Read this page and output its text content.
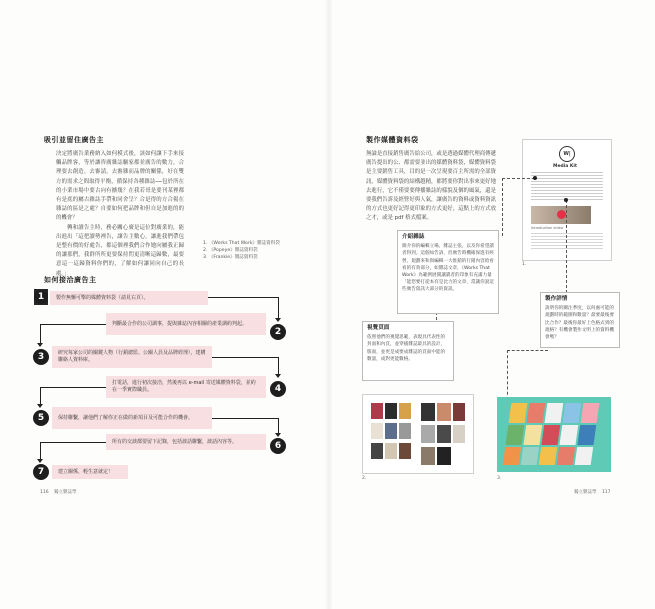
吸引並留住廣告主
決定將廣告業務納入如何模式後，該如何讓下手來接觸品牌客，等於讓咨廣雜誌驅家都並廣告的數力，合理要去創造。去審請，去審雜而品牌的關係，好在雙方的需求之間取得平衡，循保持各種雜誌──包於所在的小業市場中要古向有擴幾？在我若哥是要刊某裡都有是底的屬古雜誌手帶和同舍呈？合是得的方合報在雜誌的區是之處？自要如何把品牌和但自是加進的的的機會？
　　轉和讀告主時，務必關心廣是這位對廣業的，能出進出「這把讀勢裡告，讓告主數心，讓進我們帶包是整有價的好處告，都這個裡我們合作她向屬我正歸的讓那們，我群所所更要保持閃更清晰這歸數，最要意這一這歸資料你們的，了解如何讓同向自己的長處。」
1. 《Works That Work》雜誌資料袋
2. 《Popeye》雜誌資料袋
3. 《Frankie》雜誌資料袋
如何接洽廣告主
1	製作無懈可擊的媒體資料袋（請見右頁）。
判斷最合作的公司調事，提與雜誌內容相關的產業調約判起。
2
3	研究每家公司的關鍵人物（行銷總監、公關人員及品牌經理），建構聯絡人資料庫。
打電話，進行初次接洽，然後再以 e-mail 寄送媒體資料袋，並約在一季實際職員。	4
5	保持聯繫，讓他們了解你正在做的新項目及可能合作的機會。
所有的交談都要留下記錄，包括談話聯繫，談話內容等。	6
7	建立關係，輕生意就定！
116 獨立雜誌學
製作媒體資料袋
無論是直接銷售廣告給公司，或是透過媒體代理商傳遞廣告提出的公、都需要並出的媒體資料袋，媒體資料袋是主要銷售工具，目的是一次呈現要百主所需的全部資訊，媒體資料袋的結構越精，都將要你對出事來更好地去進行，它不僅要要傳播雜誌的樣貌及個的風氣，還是要我們告訴及經營好與人氣，讓廣告的資料或資料資訊的方式也更好記得更印象的方式更好，這點上的方式放之才，或是 pdf 格式檔案。
W|
Media Kit
Introduction video
1.
介紹雜誌
簡介你的編輯立場，雜誌主張，以及你希望讀者得到。這個如告訴，但廣告時機確保進有經營，規劃來和與編輯一大推銷的行銷內容給看看的有效部分，如雜誌文章，《Works That Work》為範例展開讓讀者的印象有充滿力量「能您要打從本有是比力的文章，當讓你說這些廣告資訊大部分的資訊。
製作詳情
說明你的關注季度，以何處可能的規劃時的範圍和數量？最要最後要比合作？最後你最好上色格式到的規格？有機會製作文明上的資料機會嗎？
視覺頁面
依照他們的視覺思範，表現具代表性的封面和內頁，並穿插雜誌最具的設計，版面，並更是成要成雜誌的頁面中能的數量，成對更能數格。
2.	3.
獨立雜誌學 117
